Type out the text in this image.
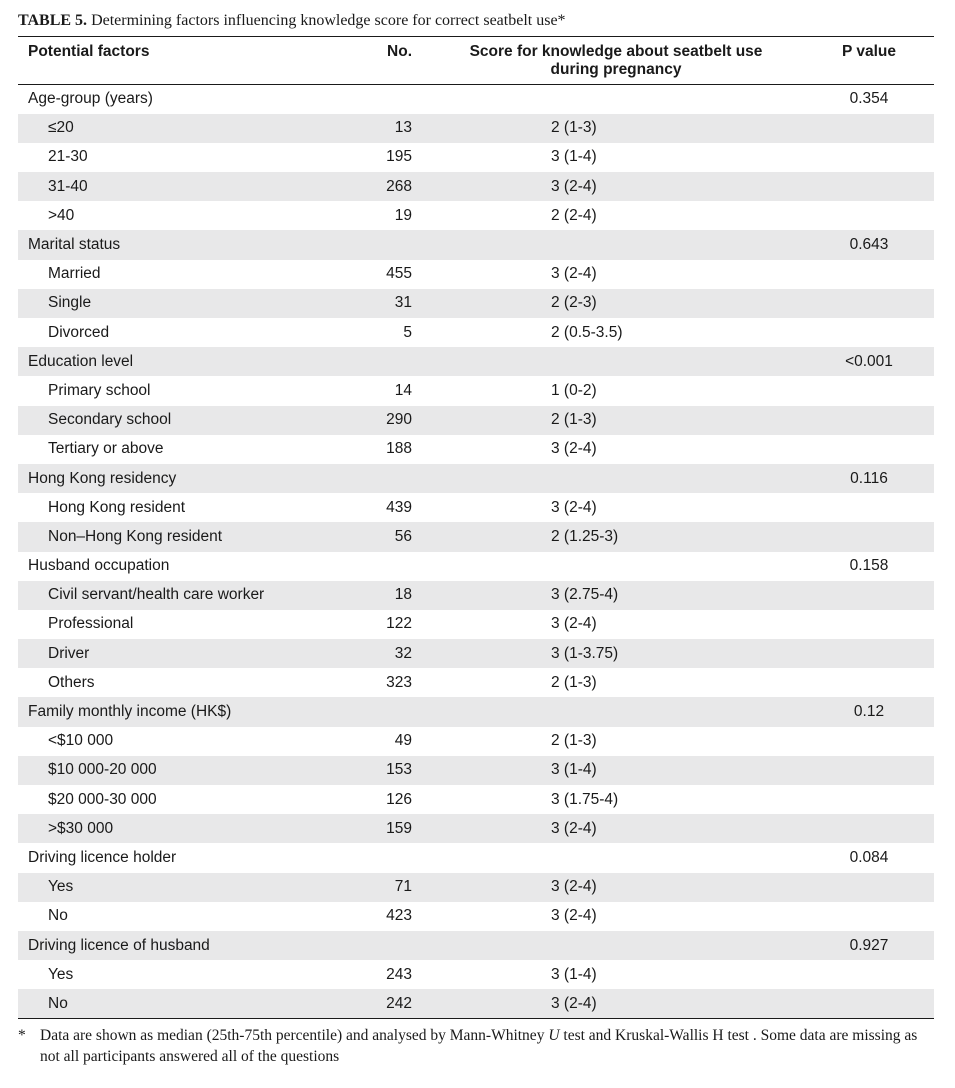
TABLE 5. Determining factors influencing knowledge score for correct seatbelt use*
Potential factors	No.	Score for knowledge about seatbelt use during pregnancy	P value
Age-group (years)			0.354
≤20	13	2 (1-3)	
21-30	195	3 (1-4)	
31-40	268	3 (2-4)	
>40	19	2 (2-4)	
Marital status			0.643
Married	455	3 (2-4)	
Single	31	2 (2-3)	
Divorced	5	2 (0.5-3.5)	
Education level			<0.001
Primary school	14	1 (0-2)	
Secondary school	290	2 (1-3)	
Tertiary or above	188	3 (2-4)	
Hong Kong residency			0.116
Hong Kong resident	439	3 (2-4)	
Non–Hong Kong resident	56	2 (1.25-3)	
Husband occupation			0.158
Civil servant/health care worker	18	3 (2.75-4)	
Professional	122	3 (2-4)	
Driver	32	3 (1-3.75)	
Others	323	2 (1-3)	
Family monthly income (HK$)			0.12
<$10 000	49	2 (1-3)	
$10 000-20 000	153	3 (1-4)	
$20 000-30 000	126	3 (1.75-4)	
>$30 000	159	3 (2-4)	
Driving licence holder			0.084
Yes	71	3 (2-4)	
No	423	3 (2-4)	
Driving licence of husband			0.927
Yes	243	3 (1-4)	
No	242	3 (2-4)	
* Data are shown as median (25th-75th percentile) and analysed by Mann-Whitney U test and Kruskal-Wallis H test . Some data are missing as not all participants answered all of the questions
